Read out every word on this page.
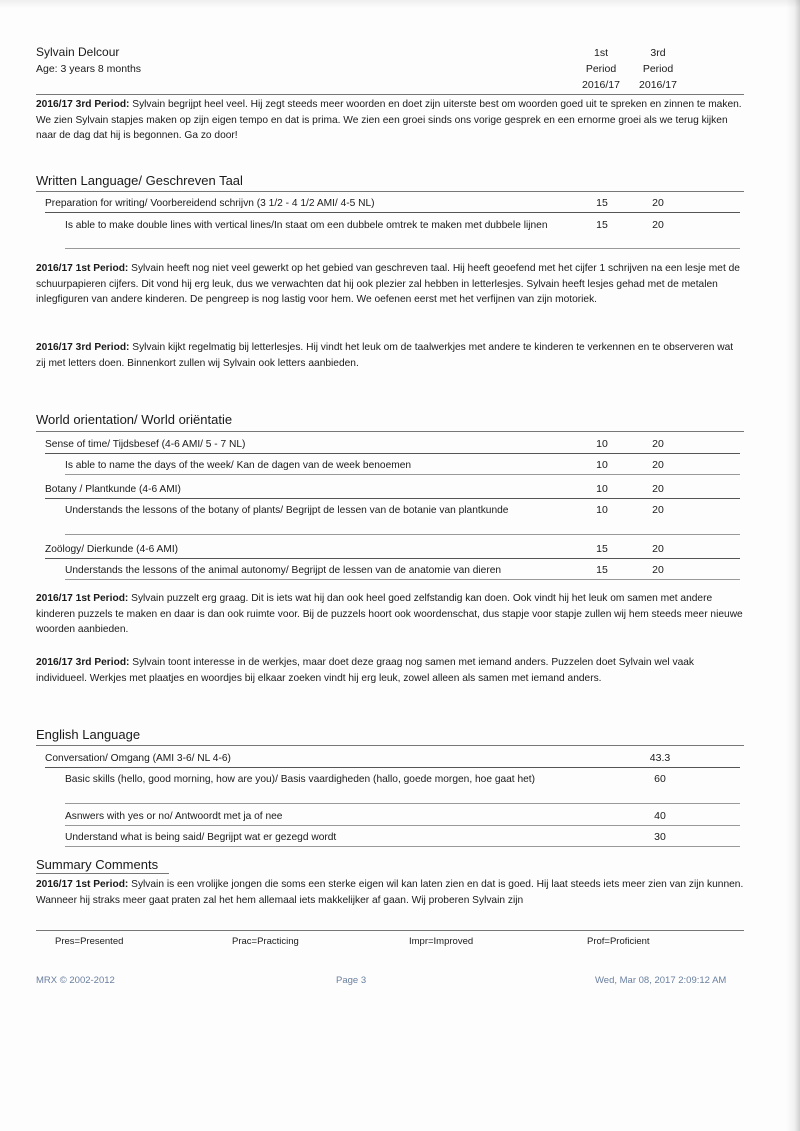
Sylvain Delcour
Age: 3 years 8 months
1st
Period
2016/17
3rd
Period
2016/17
2016/17 3rd Period: Sylvain begrijpt heel veel. Hij zegt steeds meer woorden en doet zijn uiterste best om woorden goed uit te spreken en zinnen te maken. We zien Sylvain stapjes maken op zijn eigen tempo en dat is prima. We zien een groei sinds ons vorige gesprek en een ernorme groei als we terug kijken naar de dag dat hij is begonnen. Ga zo door!
Written Language/ Geschreven Taal
Preparation for writing/ Voorbereidend schrijvn (3 1/2 - 4 1/2 AMI/ 4-5 NL)	15	20
Is able to make double lines with vertical lines/In staat om een dubbele omtrek te maken met dubbele lijnen	15	20
2016/17 1st Period: Sylvain heeft nog niet veel gewerkt op het gebied van geschreven taal. Hij heeft geoefend met het cijfer 1 schrijven na een lesje met de schuurpapieren cijfers. Dit vond hij erg leuk, dus we verwachten dat hij ook plezier zal hebben in letterlesjes. Sylvain heeft lesjes gehad met de metalen inlegfiguren van andere kinderen. De pengreep is nog lastig voor hem. We oefenen eerst met het verfijnen van zijn motoriek.
2016/17 3rd Period: Sylvain kijkt regelmatig bij letterlesjes. Hij vindt het leuk om de taalwerkjes met andere te kinderen te verkennen en te observeren wat zij met letters doen. Binnenkort zullen wij Sylvain ook letters aanbieden.
World orientation/ World oriëntatie
Sense of time/ Tijdsbesef (4-6 AMI/ 5 - 7 NL)	10	20
Is able to name the days of the week/ Kan de dagen van de week benoemen	10	20
Botany / Plantkunde (4-6 AMI)	10	20
Understands the lessons of the botany of plants/ Begrijpt de lessen van de botanie van plantkunde	10	20
Zoölogy/ Dierkunde (4-6 AMI)	15	20
Understands the lessons of the animal autonomy/ Begrijpt de lessen van de anatomie van dieren	15	20
2016/17 1st Period: Sylvain puzzelt erg graag. Dit is iets wat hij dan ook heel goed zelfstandig kan doen. Ook vindt hij het leuk om samen met andere kinderen puzzels te maken en daar is dan ook ruimte voor. Bij de puzzels hoort ook woordenschat, dus stapje voor stapje zullen wij hem steeds meer nieuwe woorden aanbieden.
2016/17 3rd Period: Sylvain toont interesse in de werkjes, maar doet deze graag nog samen met iemand anders. Puzzelen doet Sylvain wel vaak individueel. Werkjes met plaatjes en woordjes bij elkaar zoeken vindt hij erg leuk, zowel alleen als samen met iemand anders.
English Language
Conversation/ Omgang (AMI 3-6/ NL 4-6)	43.3
Basic skills (hello, good morning, how are you)/ Basis vaardigheden (hallo, goede morgen, hoe gaat het)	60
Asnwers with yes or no/ Antwoordt met ja of nee	40
Understand what is being said/ Begrijpt wat er gezegd wordt	30
Summary Comments
2016/17 1st Period: Sylvain is een vrolijke jongen die soms een sterke eigen wil kan laten zien en dat is goed. Hij laat steeds iets meer zien van zijn kunnen. Wanneer hij straks meer gaat praten zal het hem allemaal iets makkelijker af gaan. Wij proberen Sylvain zijn
Pres=Presented	Prac=Practicing	Impr=Improved	Prof=Proficient
MRX © 2002-2012	Page 3	Wed, Mar 08, 2017 2:09:12 AM
